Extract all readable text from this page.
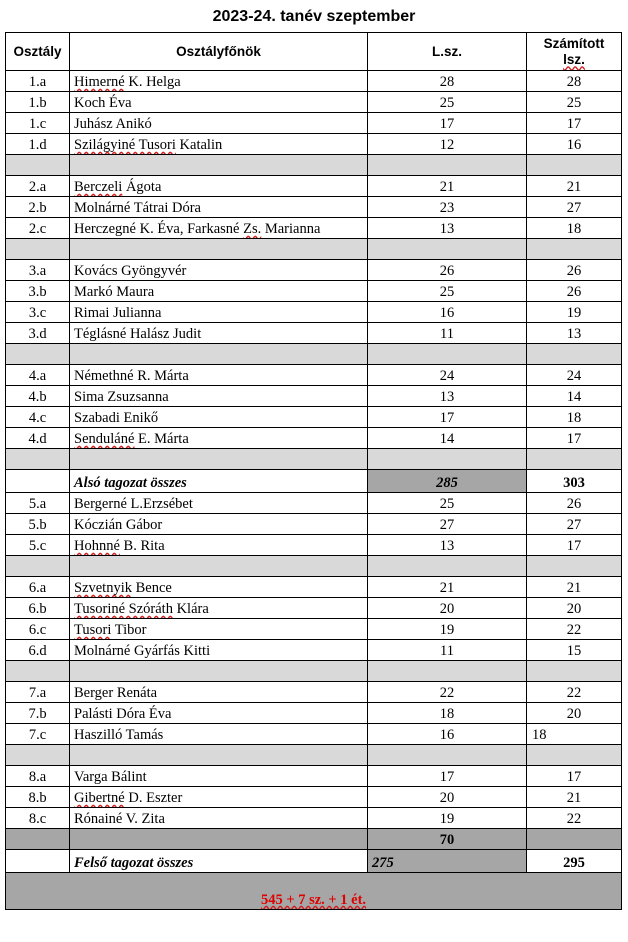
2023-24. tanév szeptember
Osztály	Osztályfőnök	L.sz.	Számított
lsz.

1.a	Himerné K. Helga	28	28
1.b	Koch Éva	25	25
1.c	Juhász Anikó	17	17
1.d	Szilágyiné Tusori Katalin	12	16

2.a	Berczeli Ágota	21	21
2.b	Molnárné Tátrai Dóra	23	27
2.c	Herczegné K. Éva, Farkasné Zs. Marianna	13	18

3.a	Kovács Gyöngyvér	26	26
3.b	Markó Maura	25	26
3.c	Rimai Julianna	16	19
3.d	Téglásné Halász Judit	11	13

4.a	Némethné R. Márta	24	24
4.b	Sima Zsuzsanna	13	14
4.c	Szabadi Enikő	17	18
4.d	Senduláné E. Márta	14	17

	Alsó tagozat összes	285	303
5.a	Bergerné L.Erzsébet	25	26
5.b	Kóczián Gábor	27	27
5.c	Hohnné B. Rita	13	17

6.a	Szvetnyik Bence	21	21
6.b	Tusoriné Szóráth Klára	20	20
6.c	Tusori Tibor	19	22
6.d	Molnárné Gyárfás Kitti	11	15

7.a	Berger Renáta	22	22
7.b	Palásti Dóra Éva	18	20
7.c	Haszilló Tamás	16	18

8.a	Varga Bálint	17	17
8.b	Gibertné D. Eszter	20	21
8.c	Rónainé V. Zita	19	22
		70	
	Felső tagozat összes	275	295
545 + 7 sz. + 1 ét.			
